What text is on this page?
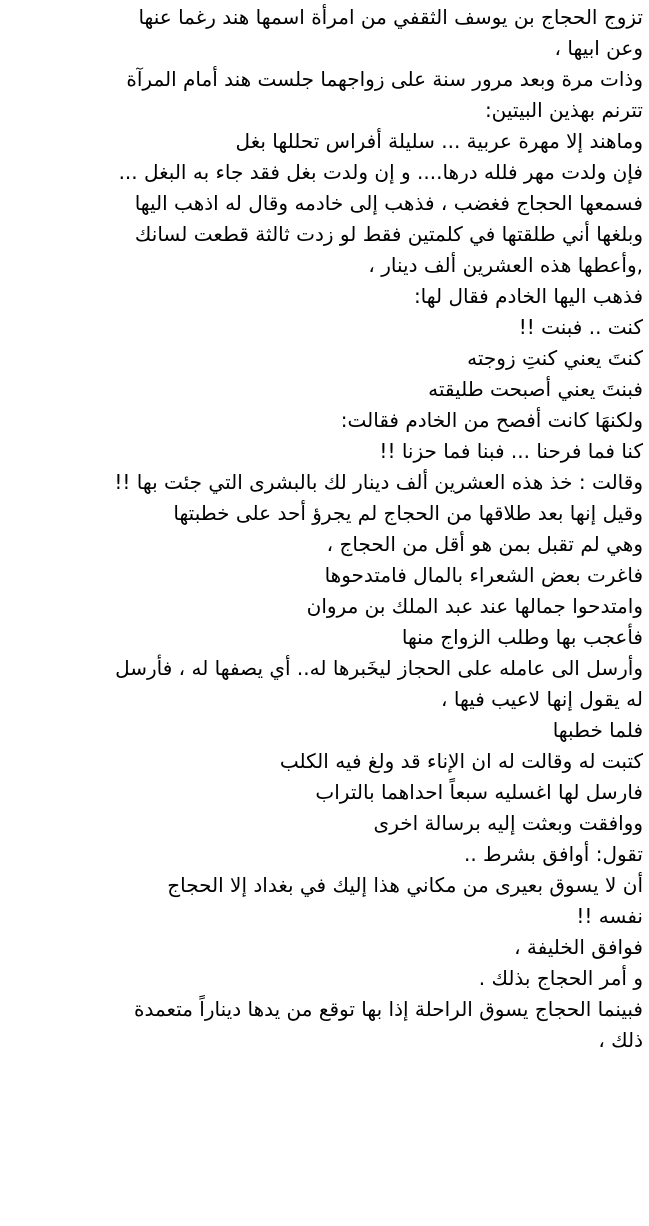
تزوج الحجاج بن يوسف الثقفي من امرأة اسمها هند رغما عنها
وعن ابيها ،
وذات مرة وبعد مرور سنة على زواجهما جلست هند أمام المرآة
تترنم بهذين البيتين:
وماهند إلا مهرة عربية ... سليلة أفراس تحللها بغل
فإن ولدت مهر فلله درها.... و إن ولدت بغل فقد جاء به البغل ...
فسمعها الحجاج فغضب ، فذهب إلى خادمه وقال له اذهب اليها
وبلغها أني طلقتها في كلمتين فقط لو زدت ثالثة قطعت لسانك
,وأعطها هذه العشرين ألف دينار ،
فذهب اليها الخادم فقال لها:
كنت .. فبنت !!
كنتَ يعني كنتِ زوجته
فبنتَ يعني أصبحت طليقته
ولكنهَا كانت أفصح من الخادم فقالت:
كنا فما فرحنا ... فبنا فما حزنا !!
وقالت : خذ هذه العشرين ألف دينار لك بالبشرى التي جئت بها !!
وقيل إنها بعد طلاقها من الحجاج لم يجرؤ أحد على خطبتها
وهي لم تقبل بمن هو أقل من الحجاج ،
فاغرت بعض الشعراء بالمال فامتدحوها
وامتدحوا جمالها عند عبد الملك بن مروان
فأعجب بها وطلب الزواج منها
وأرسل الى عامله على الحجاز ليخَبرها له.. أي يصفها له ، فأرسل
له يقول إنها لاعيب فيها ،
فلما خطبها
كتبت له وقالت له ان الإناء قد ولغ فيه الكلب
فارسل لها اغسليه سبعاً احداهما بالتراب
ووافقت وبعثت إليه برسالة اخرى
تقول: أوافق بشرط ..
أن لا يسوق بعيرى من مكاني هذا إليك في بغداد إلا الحجاج
نفسه !!
فوافق الخليفة ،
و أمر الحجاج بذلك .
فبينما الحجاج يسوق الراحلة إذا بها توقع من يدها ديناراً متعمدة
ذلك ،
